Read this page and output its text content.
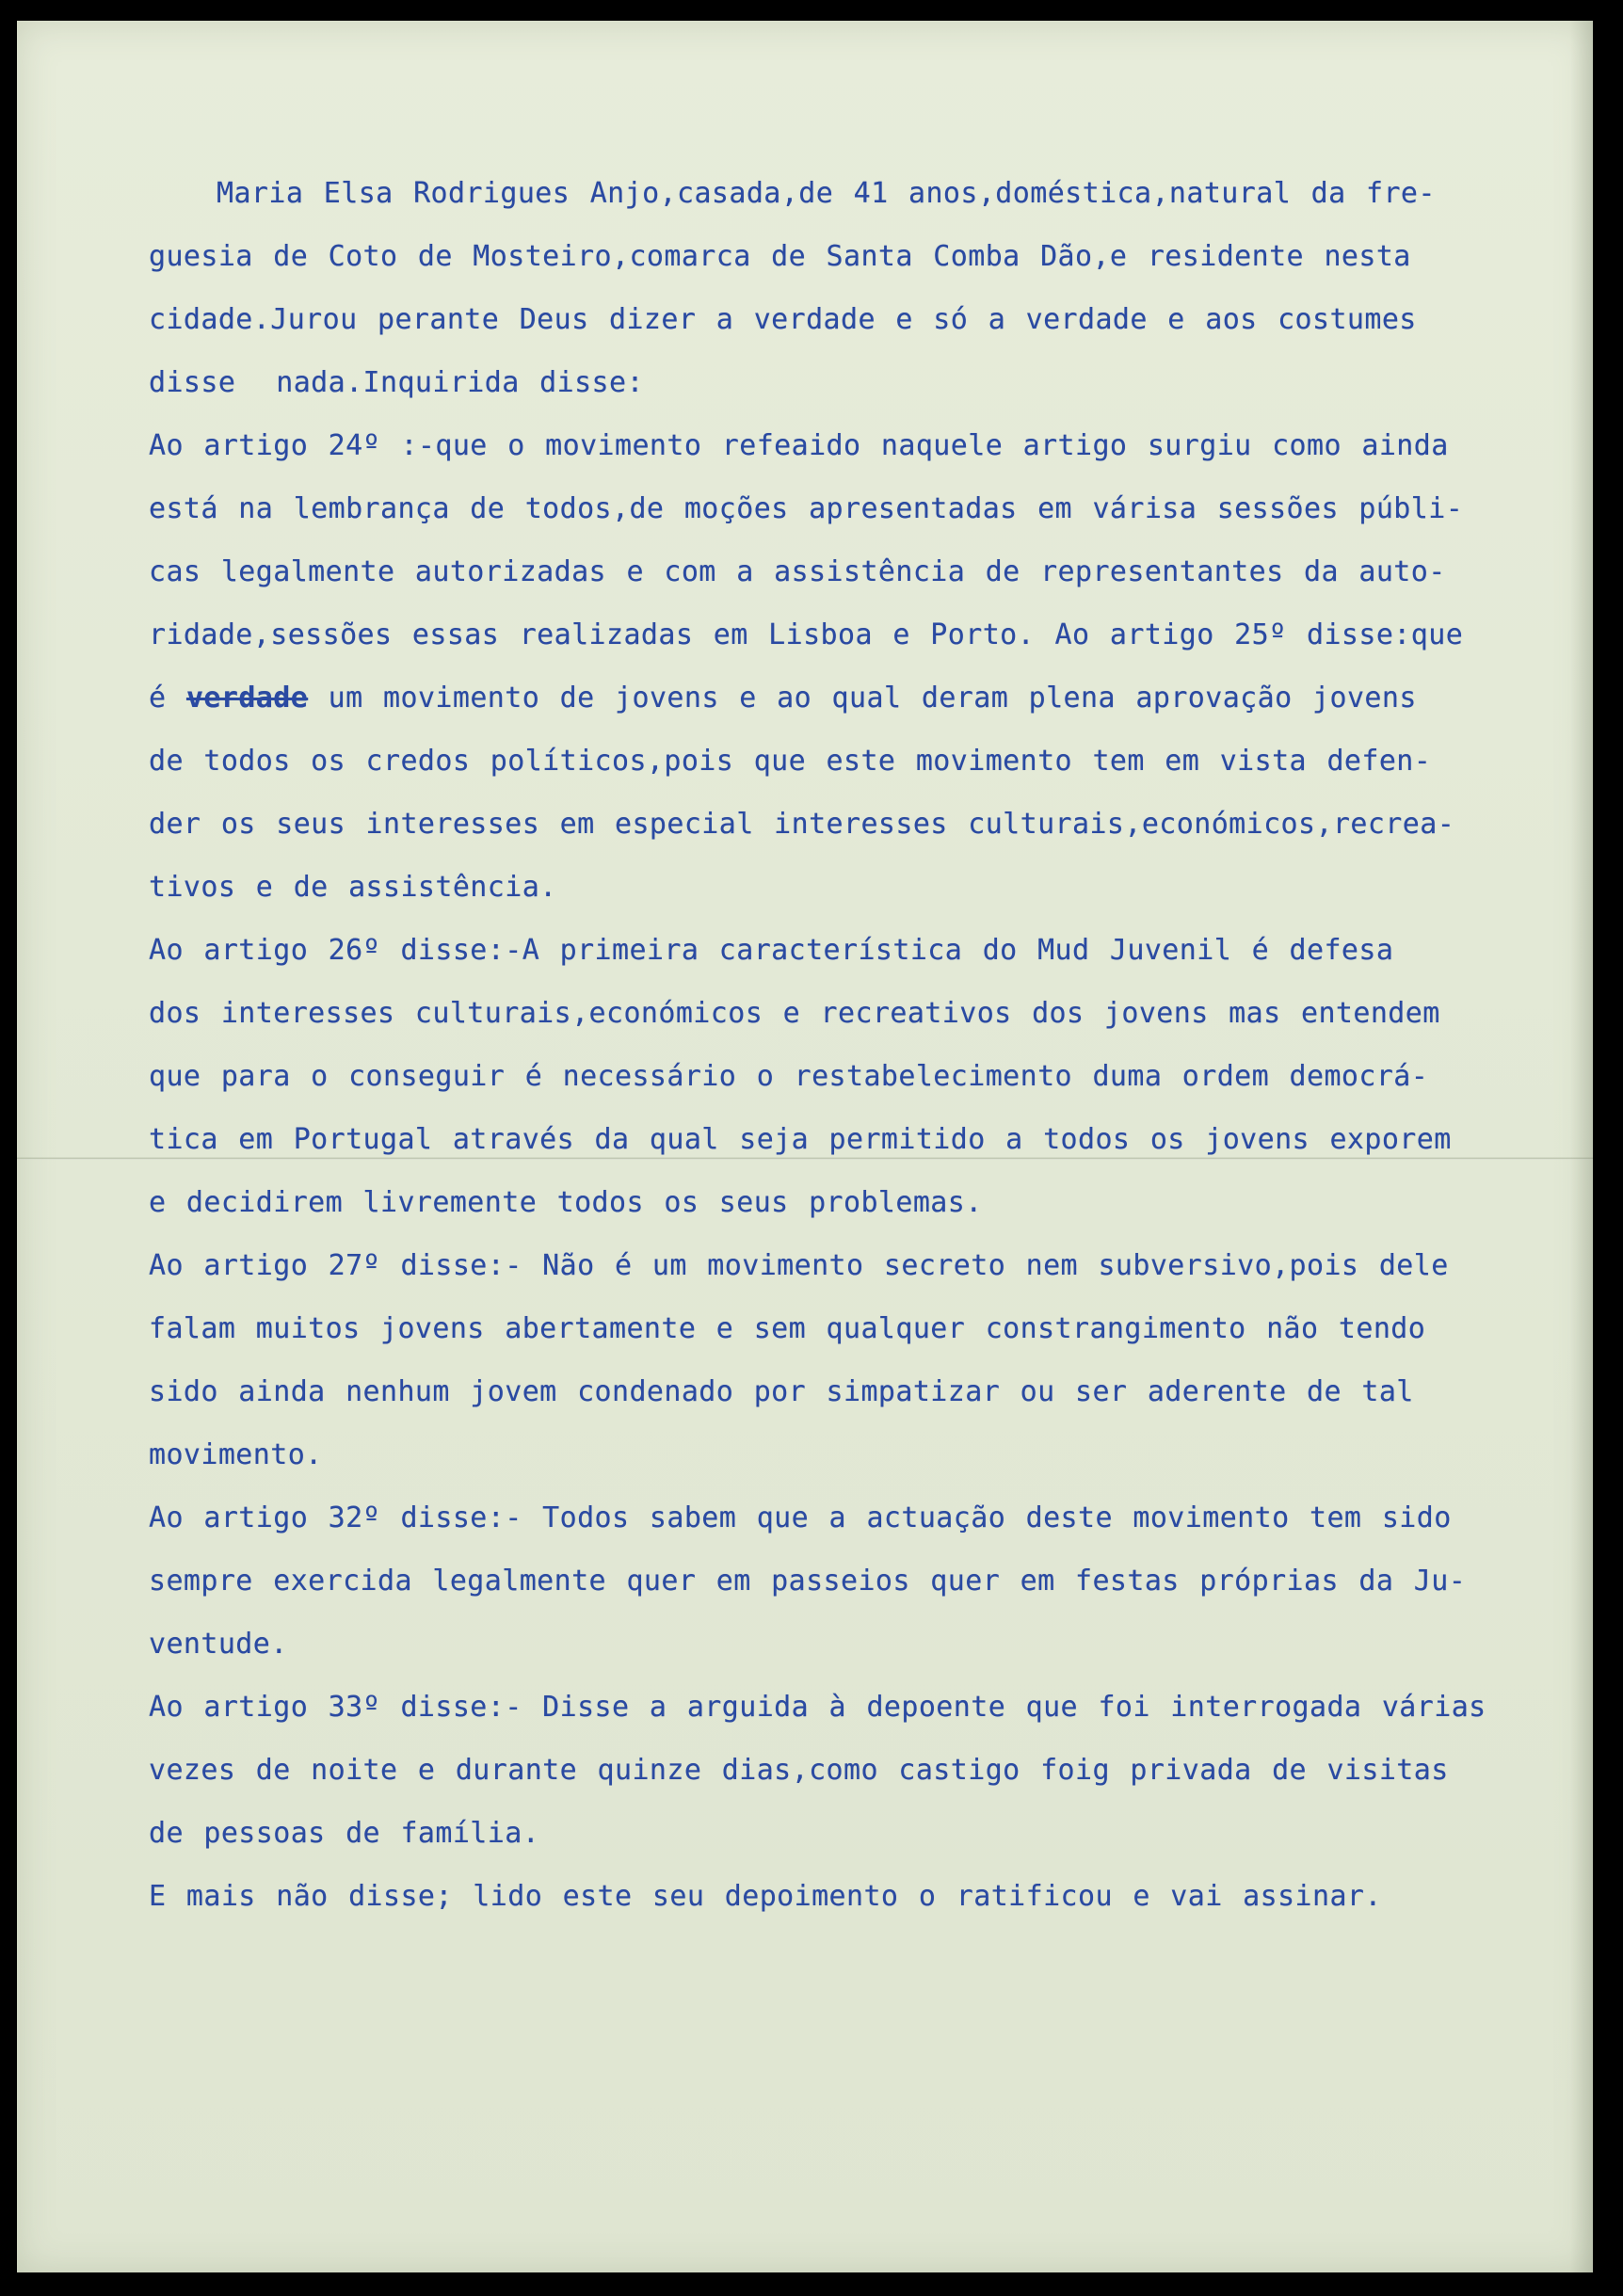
Maria Elsa Rodrigues Anjo,casada,de 41 anos,doméstica,natural da fre-
guesia de Coto de Mosteiro,comarca de Santa Comba Dão,e residente nesta
cidade.Jurou perante Deus dizer a verdade e só a verdade e aos costumes
disse  nada.Inquirida disse:
Ao artigo 24º :-que o movimento refeaido naquele artigo surgiu como ainda
está na lembrança de todos,de moções apresentadas em várisa sessões públi-
cas legalmente autorizadas e com a assistência de representantes da auto-
ridade,sessões essas realizadas em Lisboa e Porto. Ao artigo 25º disse:que
é verdade um movimento de jovens e ao qual deram plena aprovação jovens
de todos os credos políticos,pois que este movimento tem em vista defen-
der os seus interesses em especial interesses culturais,económicos,recrea-
tivos e de assistência.
Ao artigo 26º disse:-A primeira característica do Mud Juvenil é defesa
dos interesses culturais,económicos e recreativos dos jovens mas entendem
que para o conseguir é necessário o restabelecimento duma ordem democrá-
tica em Portugal através da qual seja permitido a todos os jovens exporem
e decidirem livremente todos os seus problemas.
Ao artigo 27º disse:- Não é um movimento secreto nem subversivo,pois dele
falam muitos jovens abertamente e sem qualquer constrangimento não tendo
sido ainda nenhum jovem condenado por simpatizar ou ser aderente de tal
movimento.
Ao artigo 32º disse:- Todos sabem que a actuação deste movimento tem sido
sempre exercida legalmente quer em passeios quer em festas próprias da Ju-
ventude.
Ao artigo 33º disse:- Disse a arguida à depoente que foi interrogada várias
vezes de noite e durante quinze dias,como castigo foig privada de visitas
de pessoas de família.
E mais não disse; lido este seu depoimento o ratificou e vai assinar.
